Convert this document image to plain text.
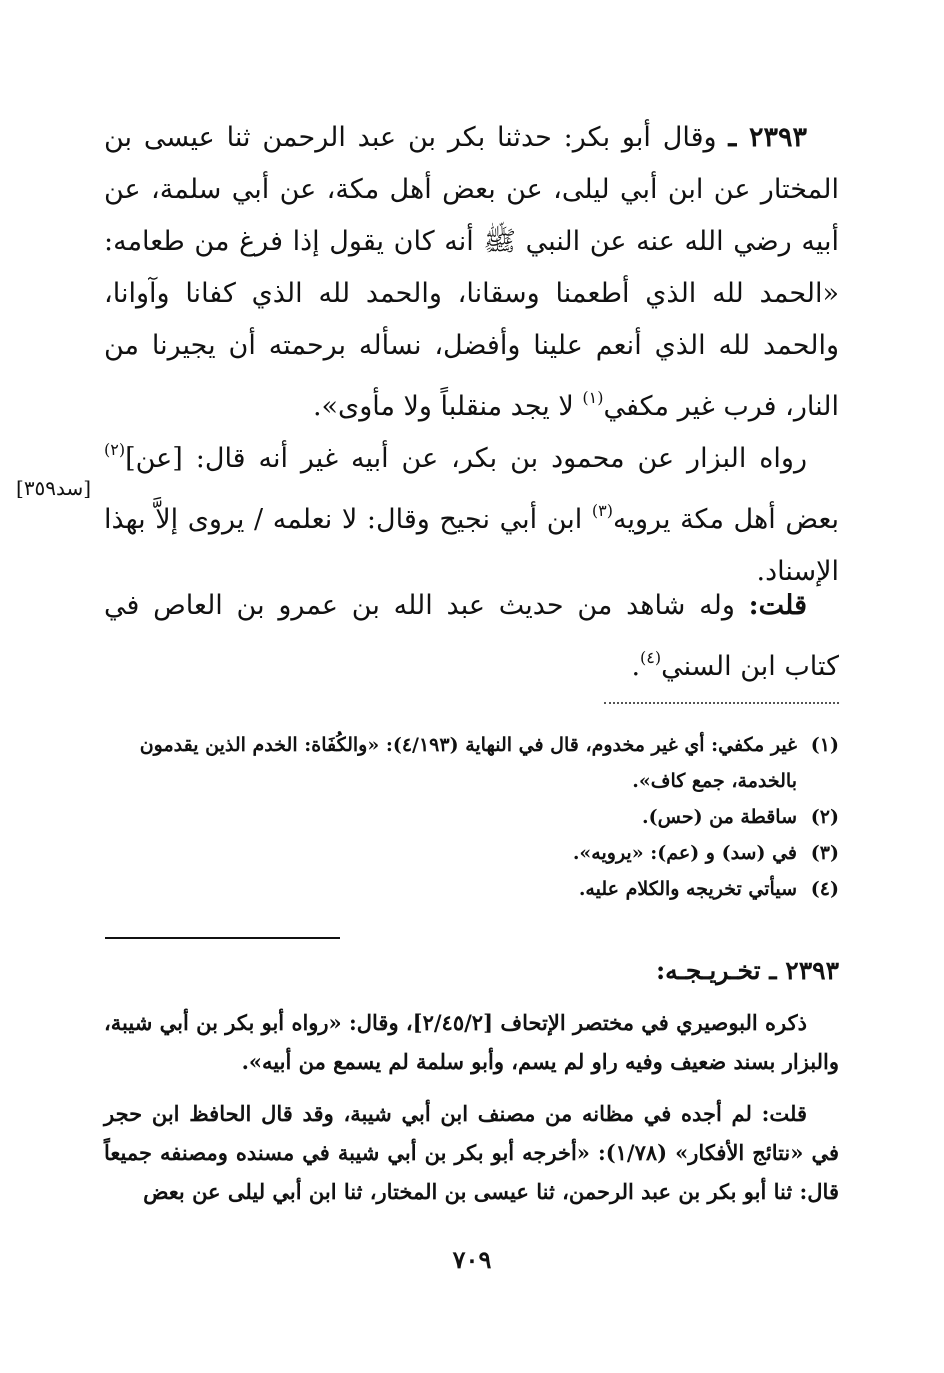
٢٣٩٣ ـ وقال أبو بكر: حدثنا بكر بن عبد الرحمن ثنا عيسى بن المختار عن ابن أبي ليلى، عن بعض أهل مكة، عن أبي سلمة، عن أبيه رضي الله عنه عن النبي ﷺ أنه كان يقول إذا فرغ من طعامه: «الحمد لله الذي أطعمنا وسقانا، والحمد لله الذي كفانا وآوانا، والحمد لله الذي أنعم علينا وأفضل، نسأله برحمته أن يجيرنا من النار، فرب غير مكفي$^{(١)}$ لا يجد منقلباً ولا مأوى».
رواه البزار عن محمود بن بكر، عن أبيه غير أنه قال: [عن]$^{(٢)}$ بعض أهل مكة يرويه$^{(٣)}$ ابن أبي نجيح وقال: لا نعلمه / يروى إلاَّ بهذا الإسناد.
[سد٣٥٩]
قلت: وله شاهد من حديث عبد الله بن عمرو بن العاص في كتاب ابن السني$^{(٤)}$.
(١)غير مكفي: أي غير مخدوم، قال في النهاية (٤/١٩٣): «والكُفَاة: الخدم الذين يقدمون
بالخدمة، جمع كاف».
(٢)ساقطة من (حس).
(٣)في (سد) و (عم): «يرويه».
(٤)سيأتي تخريجه والكلام عليه.
٢٣٩٣ ـ تخـريـجـه:
ذكره البوصيري في مختصر الإتحاف [٢/٤٥/٢]، وقال: «رواه أبو بكر بن أبي شيبة، والبزار بسند ضعيف وفيه راو لم يسم، وأبو سلمة لم يسمع من أبيه».
قلت: لم أجده في مظانه من مصنف ابن أبي شيبة، وقد قال الحافظ ابن حجر في «نتائج الأفكار» (١/٧٨): «أخرجه أبو بكر بن أبي شيبة في مسنده ومصنفه جميعاً قال: ثنا أبو بكر بن عبد الرحمن، ثنا عيسى بن المختار، ثنا ابن أبي ليلى عن بعض
٧٠٩
